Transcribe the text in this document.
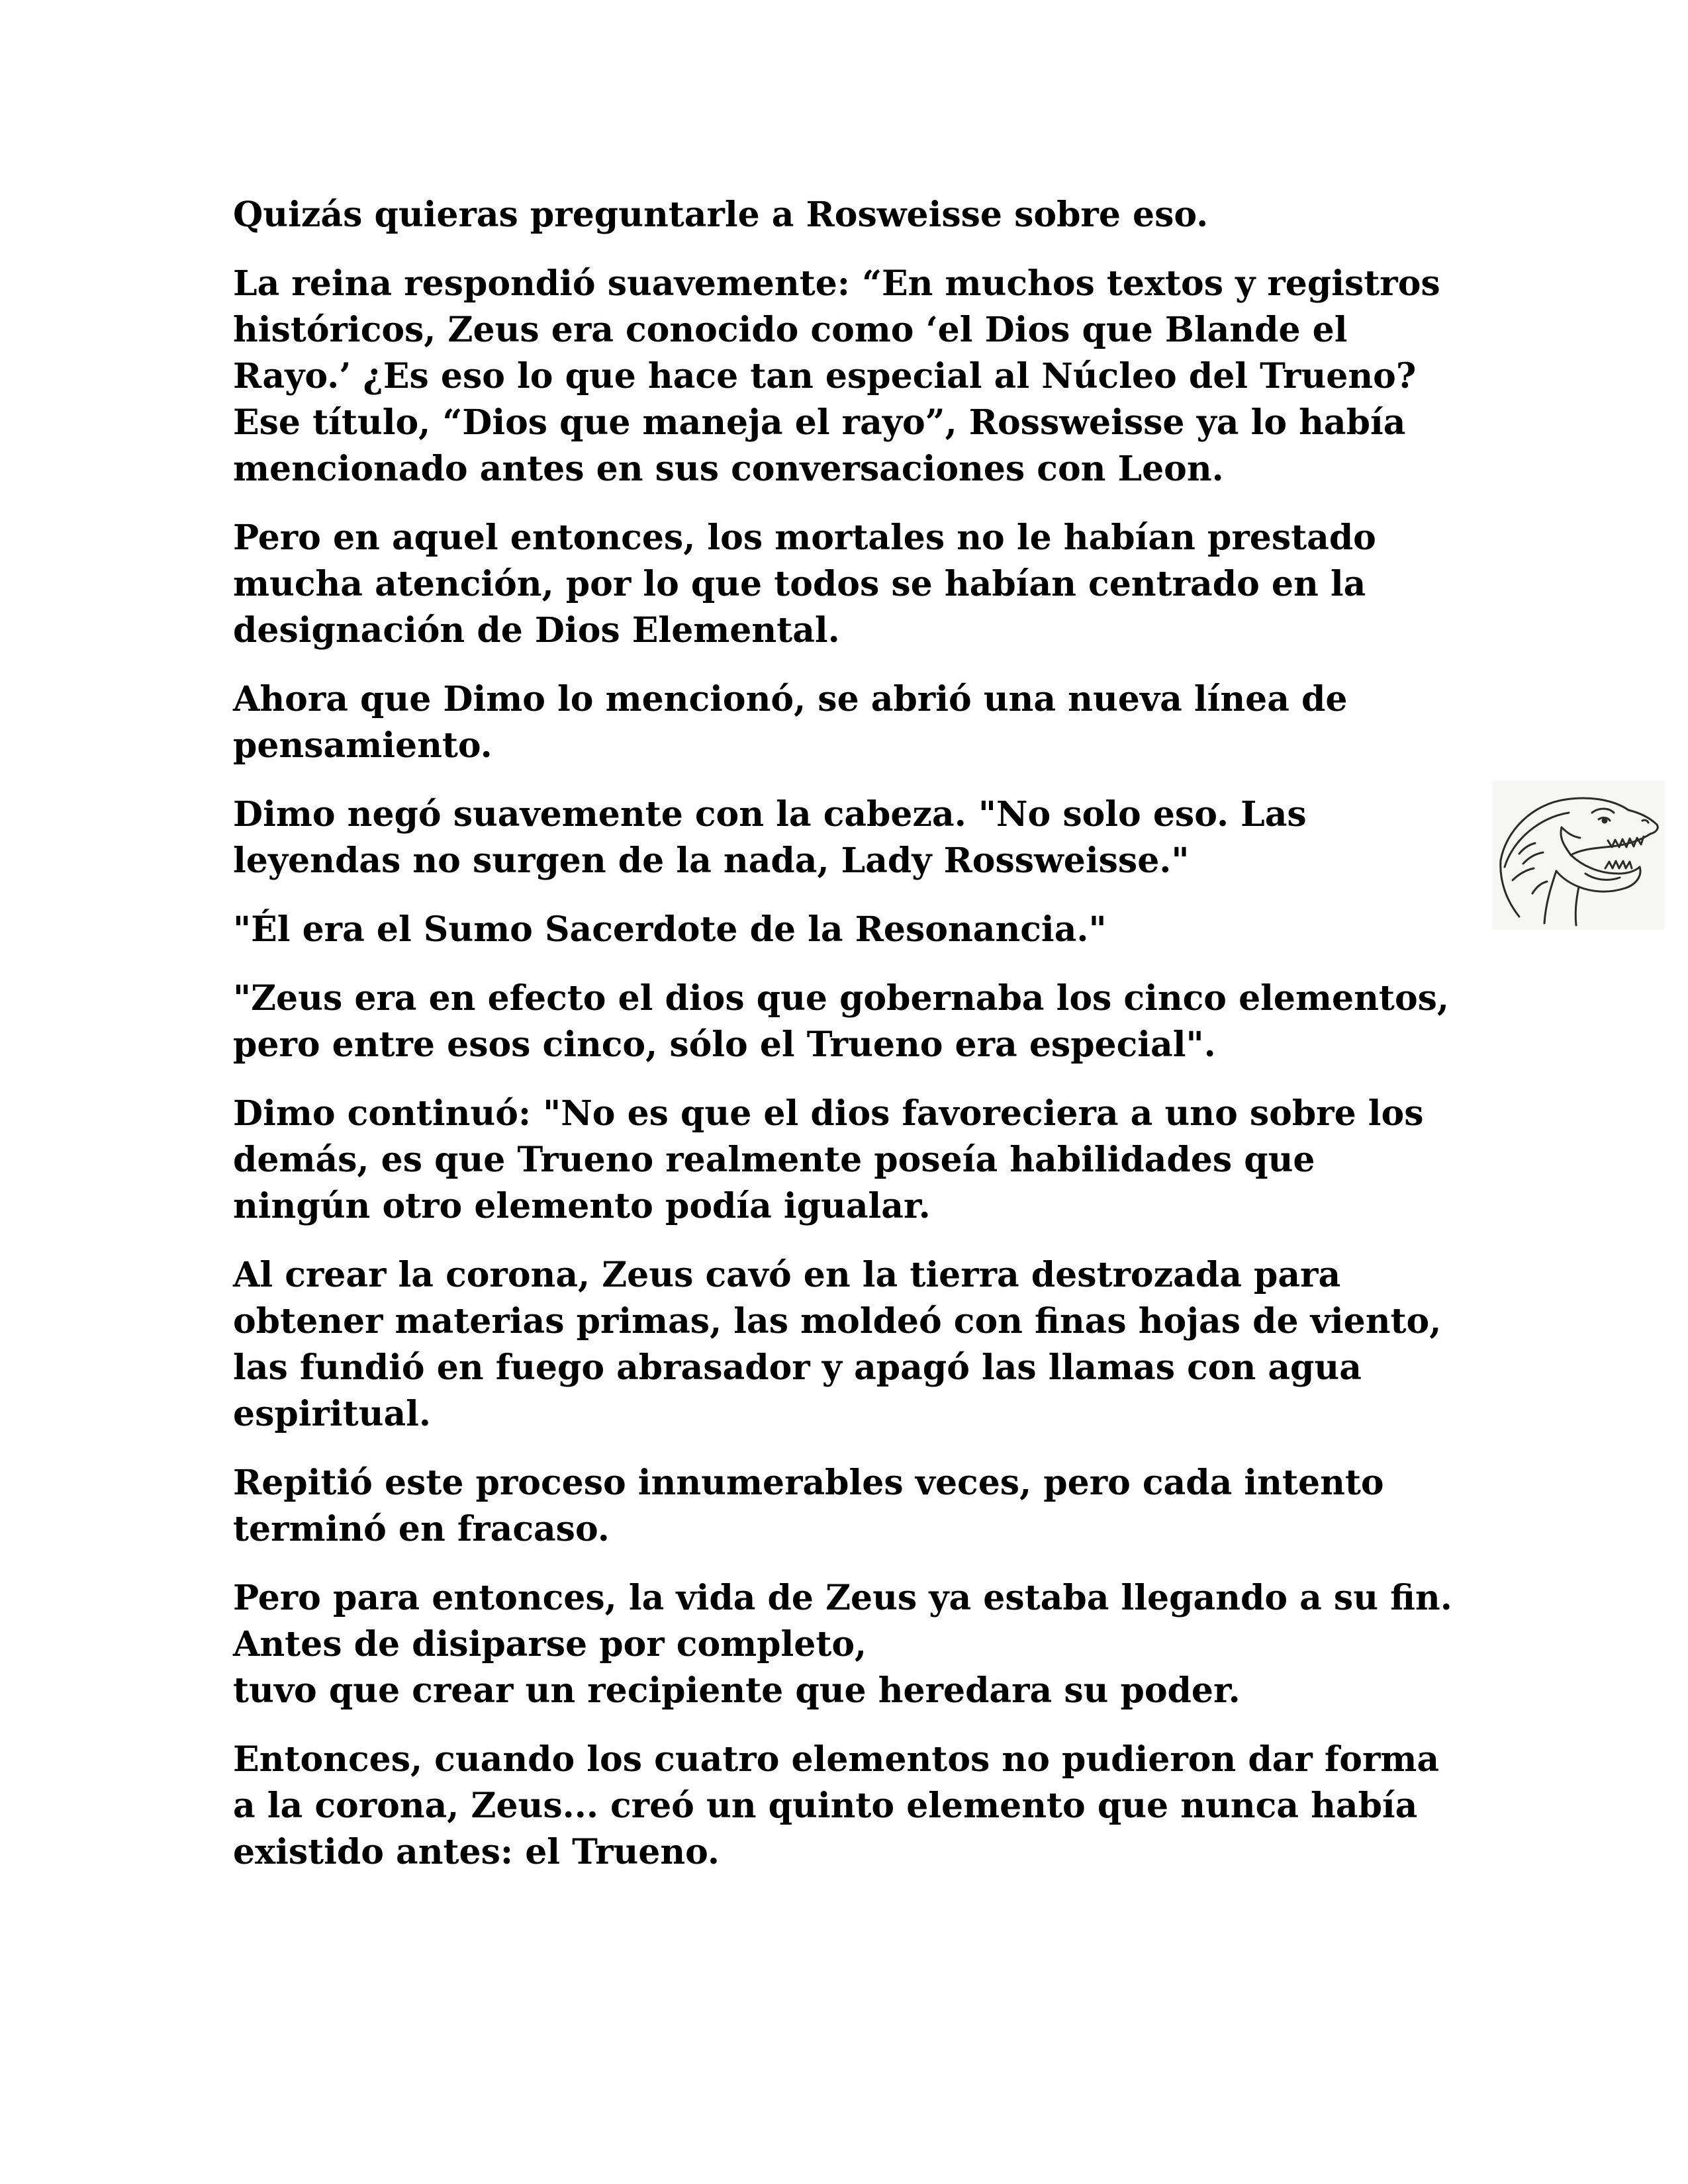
Quizás quieras preguntarle a Rosweisse sobre eso.

La reina respondió suavemente: “En muchos textos y registros
históricos, Zeus era conocido como ‘el Dios que Blande el
Rayo.’ ¿Es eso lo que hace tan especial al Núcleo del Trueno?
Ese título, “Dios que maneja el rayo”, Rossweisse ya lo había
mencionado antes en sus conversaciones con Leon.

Pero en aquel entonces, los mortales no le habían prestado
mucha atención, por lo que todos se habían centrado en la
designación de Dios Elemental.

Ahora que Dimo lo mencionó, se abrió una nueva línea de
pensamiento.

Dimo negó suavemente con la cabeza. "No solo eso. Las
leyendas no surgen de la nada, Lady Rossweisse."

"Él era el Sumo Sacerdote de la Resonancia."

"Zeus era en efecto el dios que gobernaba los cinco elementos,
pero entre esos cinco, sólo el Trueno era especial".

Dimo continuó: "No es que el dios favoreciera a uno sobre los
demás, es que Trueno realmente poseía habilidades que
ningún otro elemento podía igualar.

Al crear la corona, Zeus cavó en la tierra destrozada para
obtener materias primas, las moldeó con finas hojas de viento,
las fundió en fuego abrasador y apagó las llamas con agua
espiritual.

Repitió este proceso innumerables veces, pero cada intento
terminó en fracaso.

Pero para entonces, la vida de Zeus ya estaba llegando a su fin.
Antes de disiparse por completo,
tuvo que crear un recipiente que heredara su poder.

Entonces, cuando los cuatro elementos no pudieron dar forma
a la corona, Zeus... creó un quinto elemento que nunca había
existido antes: el Trueno.
